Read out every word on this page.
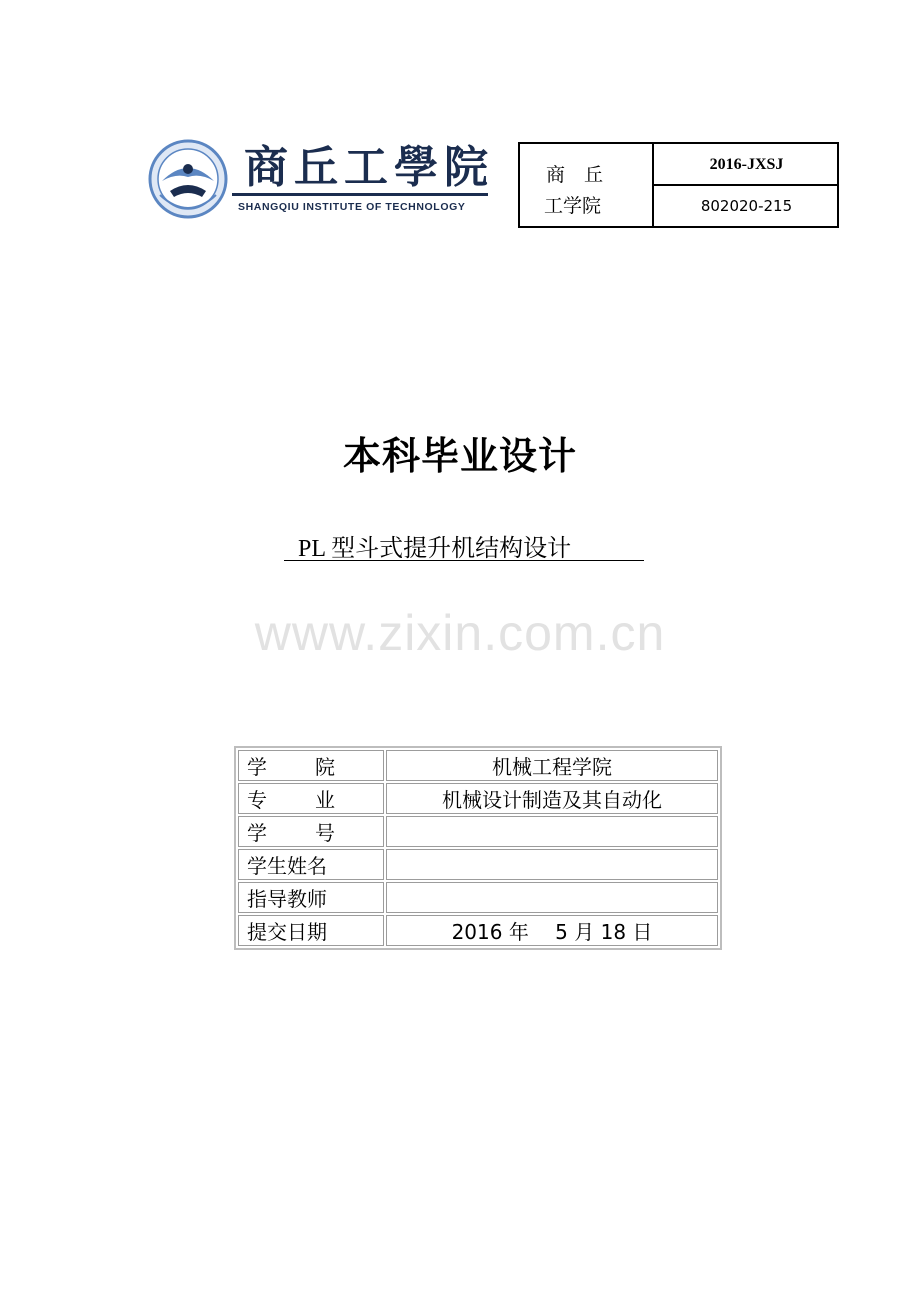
商丘工學院
SHANGQIU INSTITUTE OF TECHNOLOGY
商　丘
工学院
2016-JXSJ
802020-215
本科毕业设计
PL 型斗式提升机结构设计
www.zixin.com.cn
学院	机械工程学院
专业	机械设计制造及其自动化
学号	
学生姓名	
指导教师	
提交日期	2016 年　 5 月 18 日
